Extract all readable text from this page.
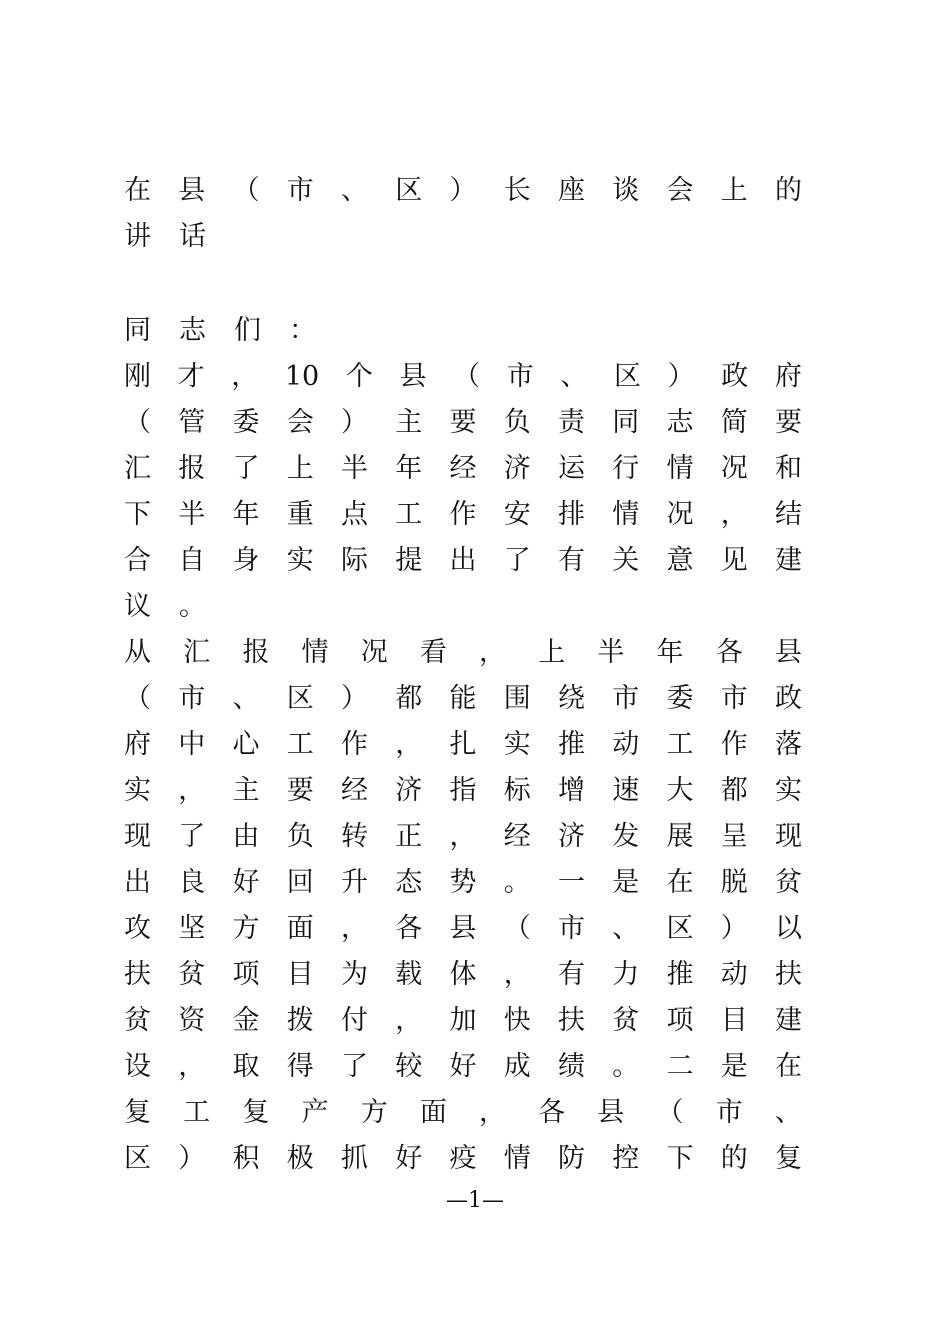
在 县 （ 市 、 区 ） 长 座 谈 会 上 的
讲 话
同 志 们 ：
刚 才 ， 10 个 县 （ 市 、 区 ） 政 府
（ 管 委 会 ） 主 要 负 责 同 志 简 要
汇 报 了 上 半 年 经 济 运 行 情 况 和
下 半 年 重 点 工 作 安 排 情 况 ， 结
合 自 身 实 际 提 出 了 有 关 意 见 建
议 。
从 汇 报 情 况 看 ， 上 半 年 各 县
（ 市 、 区 ） 都 能 围 绕 市 委 市 政
府 中 心 工 作 ， 扎 实 推 动 工 作 落
实 ， 主 要 经 济 指 标 增 速 大 都 实
现 了 由 负 转 正 ， 经 济 发 展 呈 现
出 良 好 回 升 态 势 。 一 是 在 脱 贫
攻 坚 方 面 ， 各 县 （ 市 、 区 ） 以
扶 贫 项 目 为 载 体 ， 有 力 推 动 扶
贫 资 金 拨 付 ， 加 快 扶 贫 项 目 建
设 ， 取 得 了 较 好 成 绩 。 二 是 在
复 工 复 产 方 面 ， 各 县 （ 市 、
区 ） 积 极 抓 好 疫 情 防 控 下 的 复
—1—
